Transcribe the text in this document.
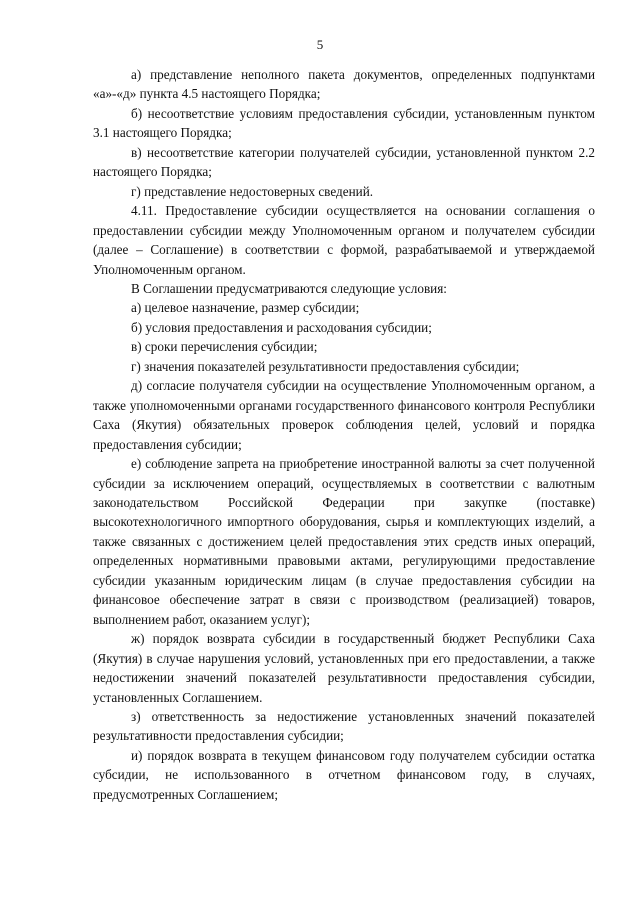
5

а) представление неполного пакета документов, определенных подпунктами «а»-«д» пункта 4.5 настоящего Порядка;

б) несоответствие условиям предоставления субсидии, установленным пунктом 3.1 настоящего Порядка;

в) несоответствие категории получателей субсидии, установленной пунктом 2.2 настоящего Порядка;

г) представление недостоверных сведений.

4.11. Предоставление субсидии осуществляется на основании соглашения о предоставлении субсидии между Уполномоченным органом и получателем субсидии (далее – Соглашение) в соответствии с формой, разрабатываемой и утверждаемой Уполномоченным органом.

В Соглашении предусматриваются следующие условия:

а) целевое назначение, размер субсидии;

б) условия предоставления и расходования субсидии;

в) сроки перечисления субсидии;

г) значения показателей результативности предоставления субсидии;

д) согласие получателя субсидии на осуществление Уполномоченным органом, а также уполномоченными органами государственного финансового контроля Республики Саха (Якутия) обязательных проверок соблюдения целей, условий и порядка предоставления субсидии;

е) соблюдение запрета на приобретение иностранной валюты за счет полученной субсидии за исключением операций, осуществляемых в соответствии с валютным законодательством Российской Федерации при закупке (поставке) высокотехнологичного импортного оборудования, сырья и комплектующих изделий, а также связанных с достижением целей предоставления этих средств иных операций, определенных нормативными правовыми актами, регулирующими предоставление субсидии указанным юридическим лицам (в случае предоставления субсидии на финансовое обеспечение затрат в связи с производством (реализацией) товаров, выполнением работ, оказанием услуг);

ж) порядок возврата субсидии в государственный бюджет Республики Саха (Якутия) в случае нарушения условий, установленных при его предоставлении, а также недостижении значений показателей результативности предоставления субсидии, установленных Соглашением.

з) ответственность за недостижение установленных значений показателей результативности предоставления субсидии;

и) порядок возврата в текущем финансовом году получателем субсидии остатка субсидии, не использованного в отчетном финансовом году, в случаях, предусмотренных Соглашением;
